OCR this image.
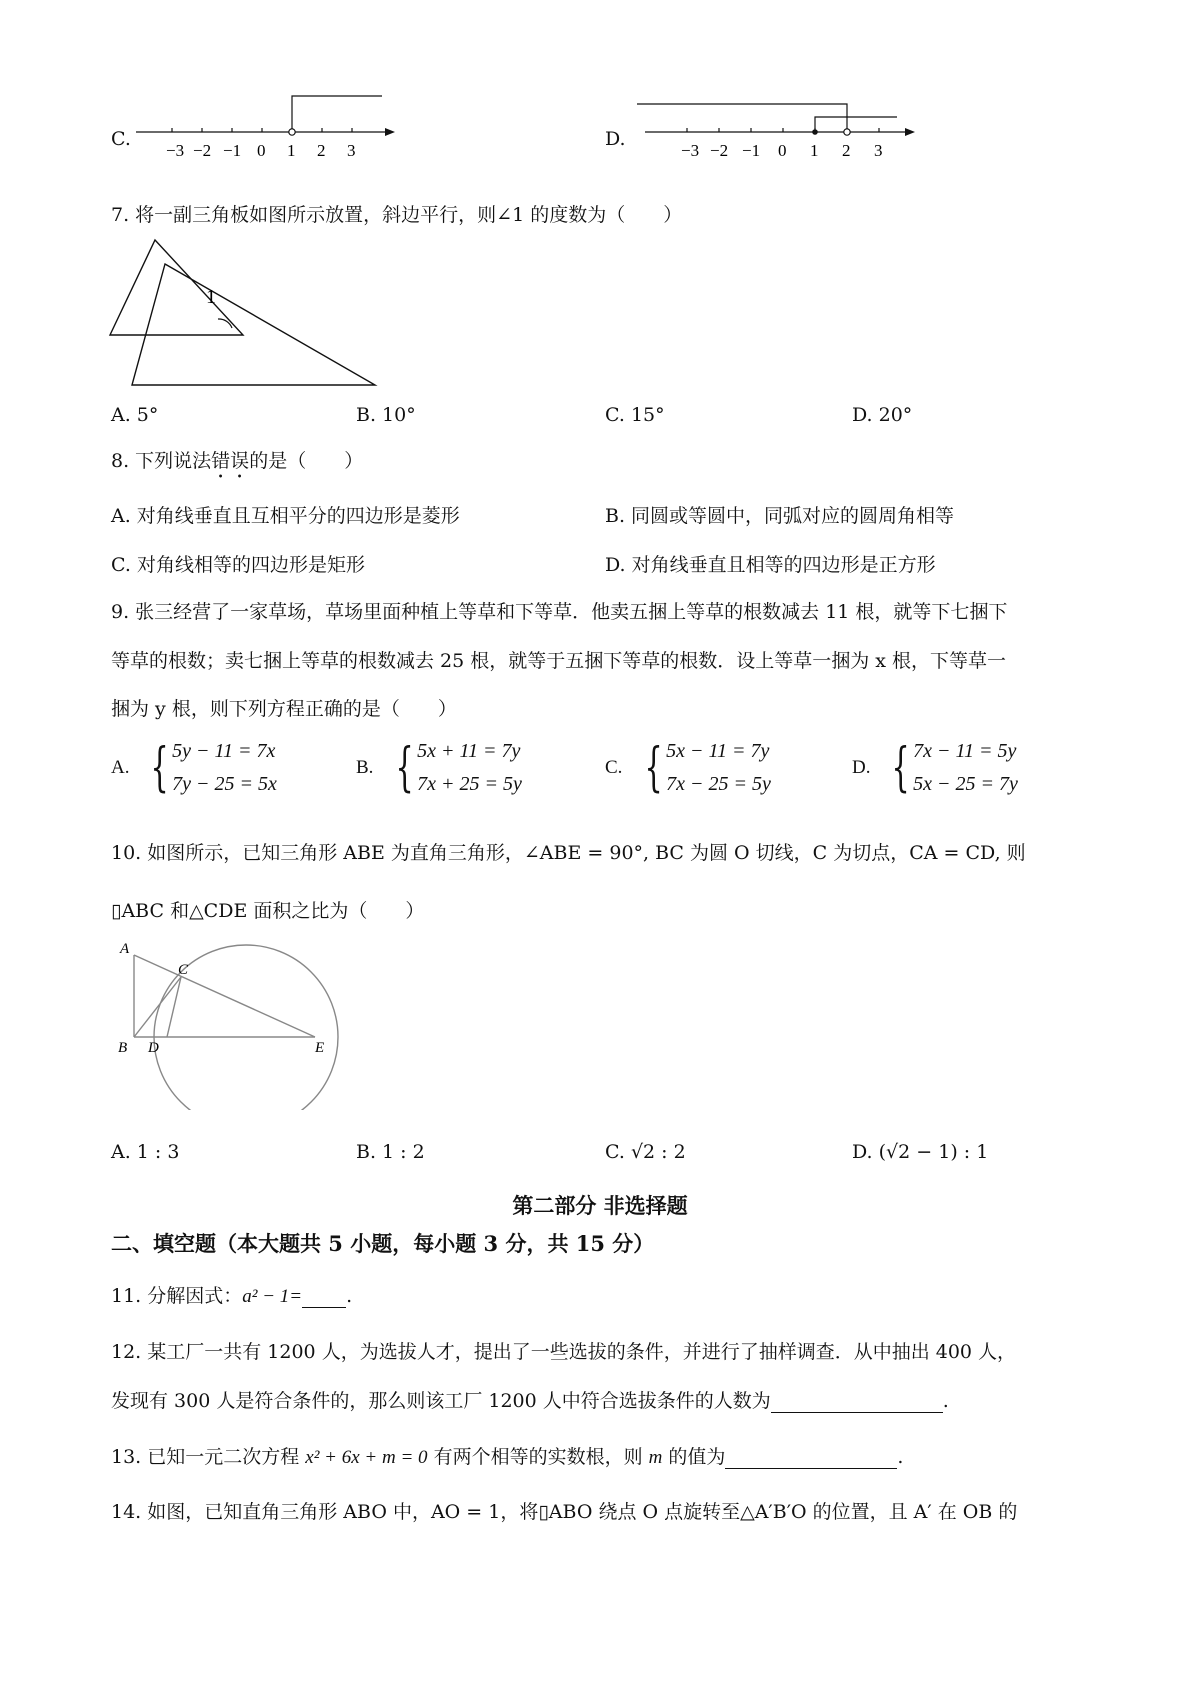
C.
−3 −2 −1 0 1 2 3
D.
−3 −2 −1 0 1 2 3
7. 将一副三角板如图所示放置，斜边平行，则∠1 的度数为（　　）
1
A. 5°	B. 10°	C. 15°	D. 20°
8. 下列说法错误的是（　　）
A. 对角线垂直且互相平分的四边形是菱形	B. 同圆或等圆中，同弧对应的圆周角相等
C. 对角线相等的四边形是矩形	D. 对角线垂直且相等的四边形是正方形
9. 张三经营了一家草场，草场里面种植上等草和下等草．他卖五捆上等草的根数减去 11 根，就等下七捆下
等草的根数；卖七捆上等草的根数减去 25 根，就等于五捆下等草的根数．设上等草一捆为 x 根，下等草一
捆为 y 根，则下列方程正确的是（　　）
A. { 5y − 11 = 7x
7y − 25 = 5x
B. { 5x + 11 = 7y
7x + 25 = 5y
C. { 5x − 11 = 7y
7x − 25 = 5y
D. { 7x − 11 = 5y
5x − 25 = 7y
10. 如图所示，已知三角形 ABE 为直角三角形，∠ABE = 90°, BC 为圆 O 切线，C 为切点，CA = CD, 则
▯ABC 和△CDE 面积之比为（　　）
A
B
C
D	E
A. 1 : 3	B. 1 : 2	C. √2 : 2	D. (√2 − 1) : 1
第二部分 非选择题
二、填空题（本大题共 5 小题，每小题 3 分，共 15 分）
11. 分解因式：a² − 1= .
12. 某工厂一共有 1200 人，为选拔人才，提出了一些选拔的条件，并进行了抽样调查．从中抽出 400 人，
发现有 300 人是符合条件的，那么则该工厂 1200 人中符合选拔条件的人数为	.
13. 已知一元二次方程 x² + 6x + m = 0 有两个相等的实数根，则 m 的值为	.
14. 如图，已知直角三角形 ABO 中，AO = 1，将▯ABO 绕点 O 点旋转至△A′B′O 的位置，且 A′ 在 OB 的
